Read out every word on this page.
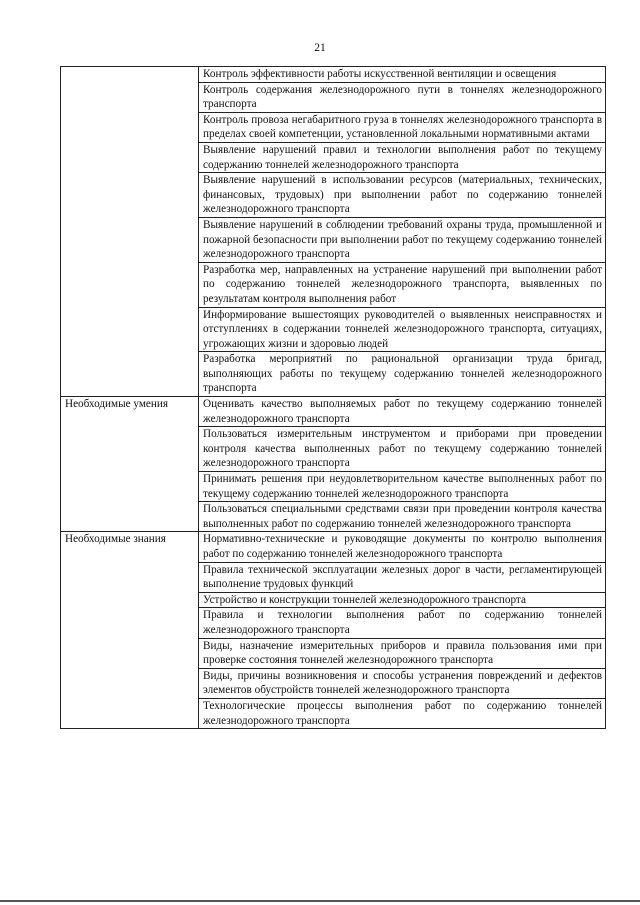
21
	Контроль эффективности работы искусственной вентиляции и освещения
	Контроль содержания железнодорожного пути в тоннелях железнодорожного транспорта
	Контроль провоза негабаритного груза в тоннелях железнодорожного транспорта в пределах своей компетенции, установленной локальными нормативными актами
	Выявление нарушений правил и технологии выполнения работ по текущему содержанию тоннелей железнодорожного транспорта
	Выявление нарушений в использовании ресурсов (материальных, технических, финансовых, трудовых) при выполнении работ по содержанию тоннелей железнодорожного транспорта
	Выявление нарушений в соблюдении требований охраны труда, промышленной и пожарной безопасности при выполнении работ по текущему содержанию тоннелей железнодорожного транспорта
	Разработка мер, направленных на устранение нарушений при выполнении работ по содержанию тоннелей железнодорожного транспорта, выявленных по результатам контроля выполнения работ
	Информирование вышестоящих руководителей о выявленных неисправностях и отступлениях в содержании тоннелей железнодорожного транспорта, ситуациях, угрожающих жизни и здоровью людей
	Разработка мероприятий по рациональной организации труда бригад, выполняющих работы по текущему содержанию тоннелей железнодорожного транспорта
Необходимые умения	Оценивать качество выполняемых работ по текущему содержанию тоннелей железнодорожного транспорта
	Пользоваться измерительным инструментом и приборами при проведении контроля качества выполненных работ по текущему содержанию тоннелей железнодорожного транспорта
	Принимать решения при неудовлетворительном качестве выполненных работ по текущему содержанию тоннелей железнодорожного транспорта
	Пользоваться специальными средствами связи при проведении контроля качества выполненных работ по содержанию тоннелей железнодорожного транспорта
Необходимые знания	Нормативно-технические и руководящие документы по контролю выполнения работ по содержанию тоннелей железнодорожного транспорта
	Правила технической эксплуатации железных дорог в части, регламентирующей выполнение трудовых функций
	Устройство и конструкции тоннелей железнодорожного транспорта
	Правила и технологии выполнения работ по содержанию тоннелей железнодорожного транспорта
	Виды, назначение измерительных приборов и правила пользования ими при проверке состояния тоннелей железнодорожного транспорта
	Виды, причины возникновения и способы устранения повреждений и дефектов элементов обустройств тоннелей железнодорожного транспорта
	Технологические процессы выполнения работ по содержанию тоннелей железнодорожного транспорта
